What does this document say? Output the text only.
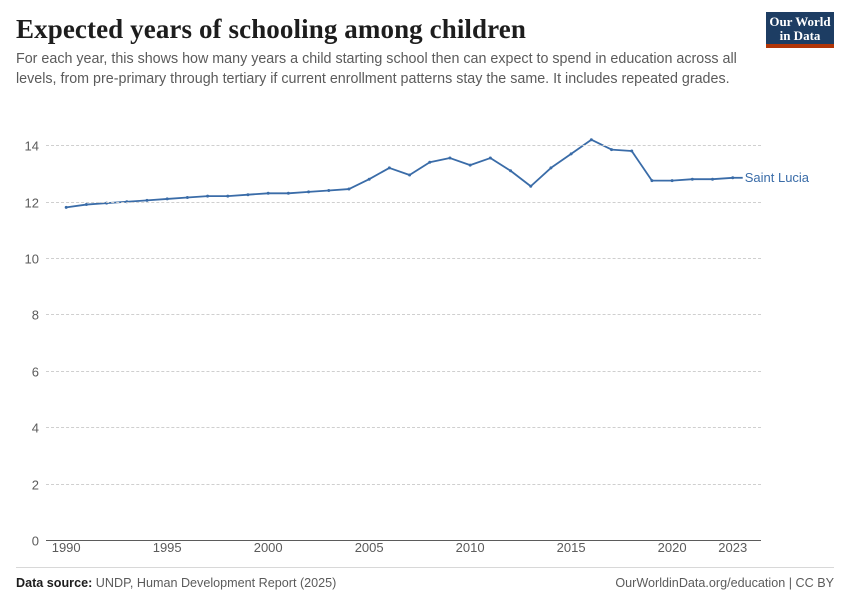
Expected years of schooling among children

For each year, this shows how many years a child starting school then can expect to spend in education across all levels, from pre-primary through tertiary if current enrollment patterns stay the same. It includes repeated grades.

Our World
in Data
0
2
4
6
8
10
12
14
1990	1995	2000	2005	2010	2015	2020 2023
Saint Lucia
Data source: UNDP, Human Development Report (2025)	OurWorldinData.org/education | CC BY
